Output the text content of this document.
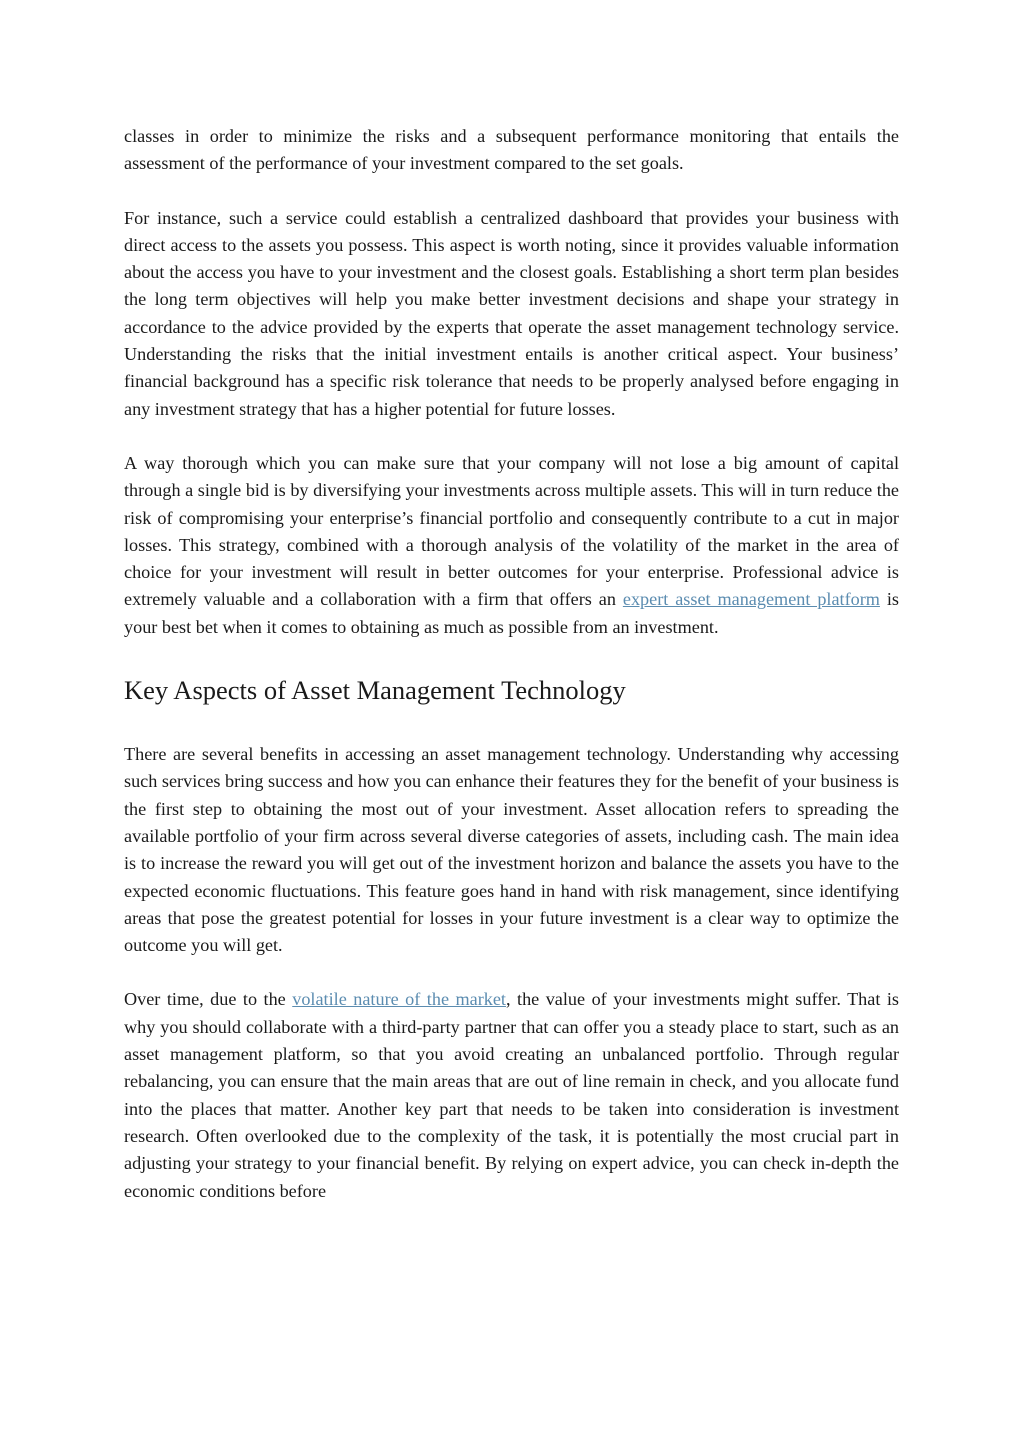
classes in order to minimize the risks and a subsequent performance monitoring that entails the assessment of the performance of your investment compared to the set goals.

For instance, such a service could establish a centralized dashboard that provides your business with direct access to the assets you possess. This aspect is worth noting, since it provides valuable information about the access you have to your investment and the closest goals. Establishing a short term plan besides the long term objectives will help you make better investment decisions and shape your strategy in accordance to the advice provided by the experts that operate the asset management technology service. Understanding the risks that the initial investment entails is another critical aspect. Your business’ financial background has a specific risk tolerance that needs to be properly analysed before engaging in any investment strategy that has a higher potential for future losses.

A way thorough which you can make sure that your company will not lose a big amount of capital through a single bid is by diversifying your investments across multiple assets. This will in turn reduce the risk of compromising your enterprise’s financial portfolio and consequently contribute to a cut in major losses. This strategy, combined with a thorough analysis of the volatility of the market in the area of choice for your investment will result in better outcomes for your enterprise. Professional advice is extremely valuable and a collaboration with a firm that offers an expert asset management platform is your best bet when it comes to obtaining as much as possible from an investment.

Key Aspects of Asset Management Technology

There are several benefits in accessing an asset management technology. Understanding why accessing such services bring success and how you can enhance their features they for the benefit of your business is the first step to obtaining the most out of your investment. Asset allocation refers to spreading the available portfolio of your firm across several diverse categories of assets, including cash. The main idea is to increase the reward you will get out of the investment horizon and balance the assets you have to the expected economic fluctuations. This feature goes hand in hand with risk management, since identifying areas that pose the greatest potential for losses in your future investment is a clear way to optimize the outcome you will get.

Over time, due to the volatile nature of the market, the value of your investments might suffer. That is why you should collaborate with a third-party partner that can offer you a steady place to start, such as an asset management platform, so that you avoid creating an unbalanced portfolio. Through regular rebalancing, you can ensure that the main areas that are out of line remain in check, and you allocate fund into the places that matter. Another key part that needs to be taken into consideration is investment research. Often overlooked due to the complexity of the task, it is potentially the most crucial part in adjusting your strategy to your financial benefit. By relying on expert advice, you can check in-depth the economic conditions before
